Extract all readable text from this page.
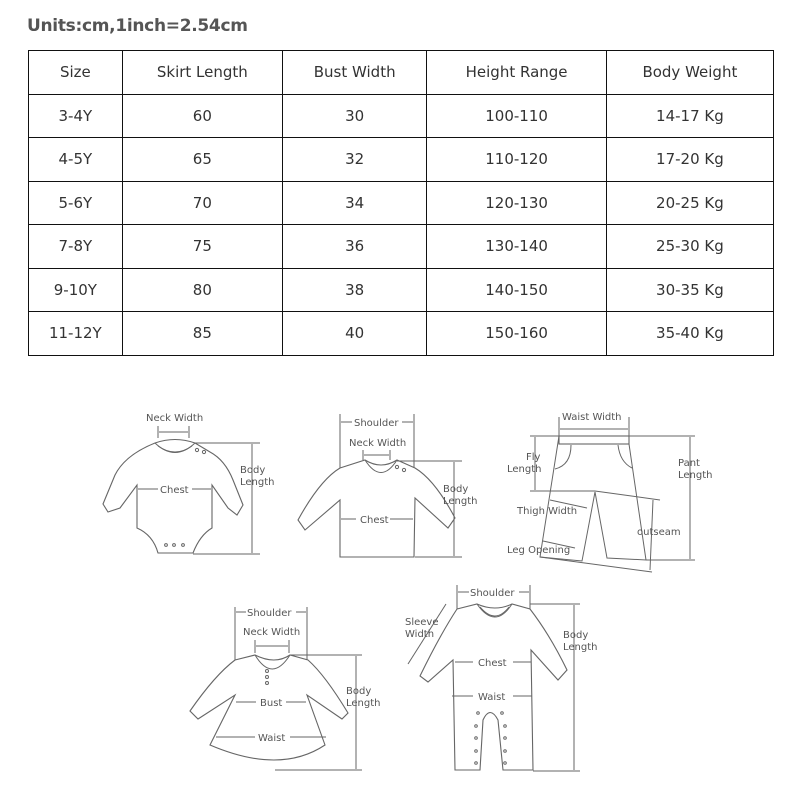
Units:cm,1inch=2.54cm
Size	Skirt Length	Bust Width	Height Range	Body Weight
3-4Y	60	30	100-110	14-17 Kg
4-5Y	65	32	110-120	17-20 Kg
5-6Y	70	34	120-130	20-25 Kg
7-8Y	75	36	130-140	25-30 Kg
9-10Y	80	38	140-150	30-35 Kg
11-12Y	85	40	150-160	35-40 Kg
Neck Width
Chest
Body
Length
Shoulder
Neck Width
Chest
Body
Length
Waist Width
Fly
Length
Pant
Length
Thigh Width
outseam
Leg Opening
Shoulder
Neck Width
Bust
Waist
Body
Length
Shoulder
Sleeve
Width
Chest
Waist
Body
Length
